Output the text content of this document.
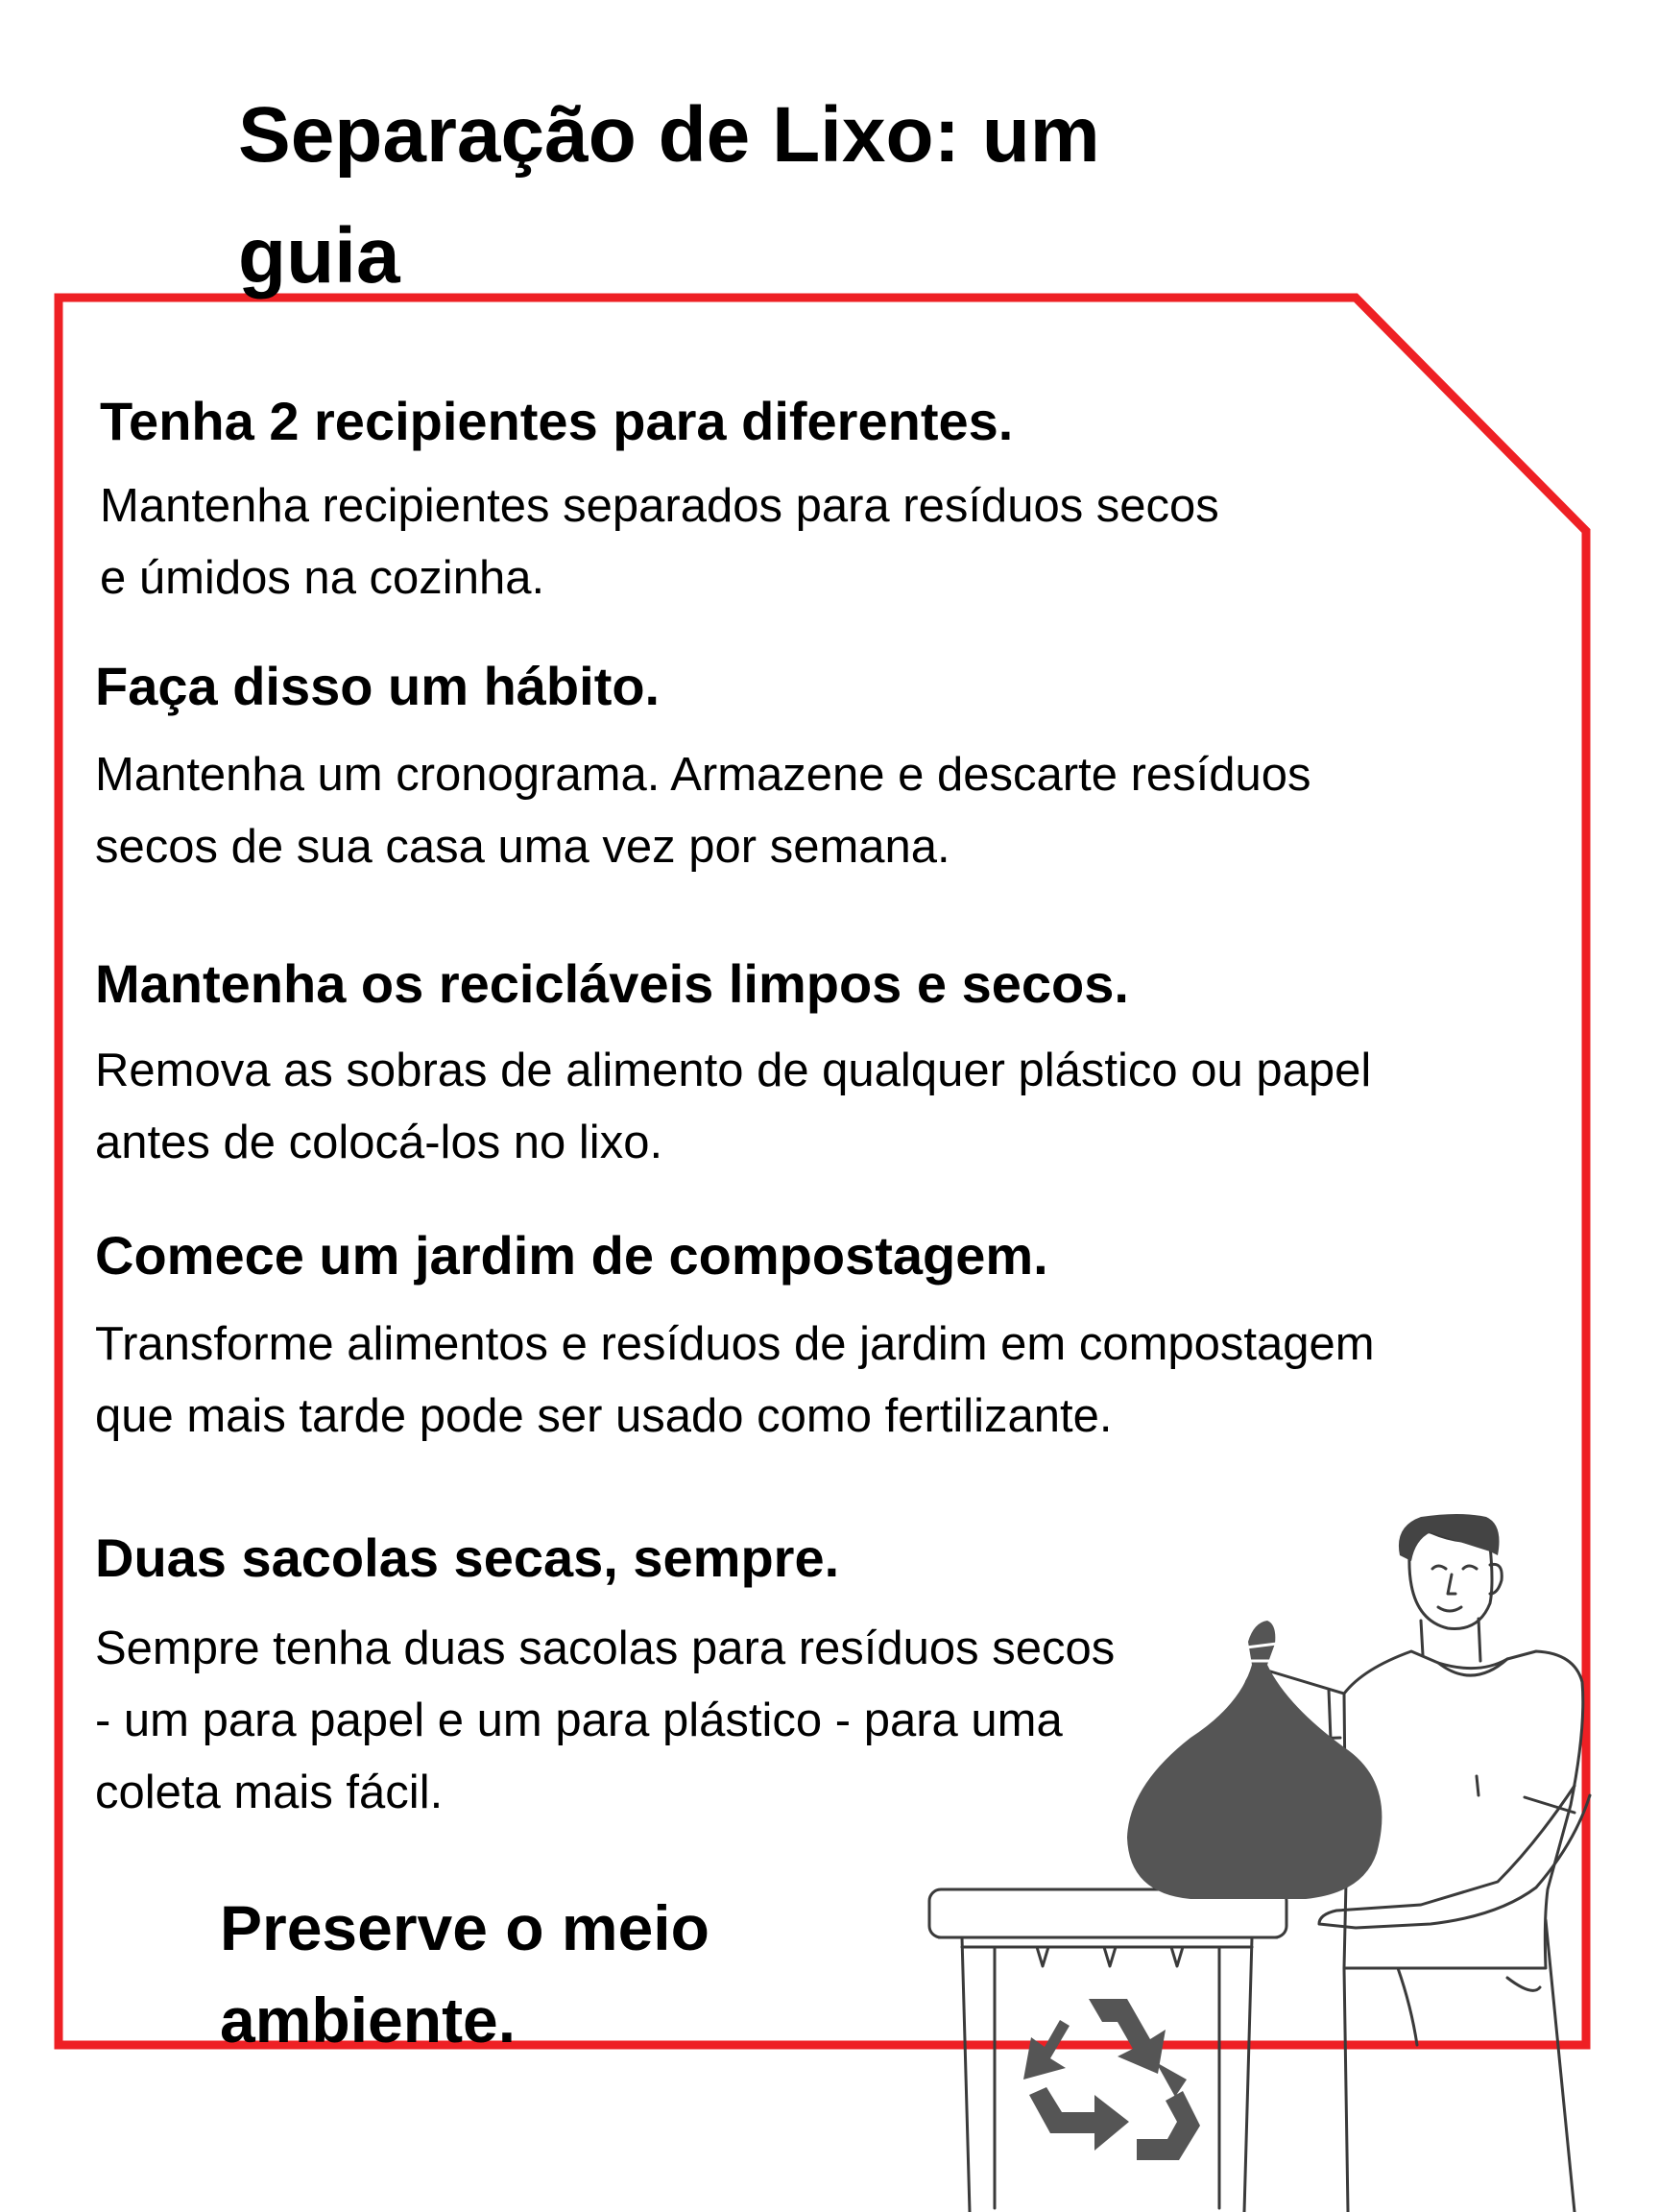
Separação de Lixo: um
guia
Tenha 2 recipientes para diferentes.

Mantenha recipientes separados para resíduos secos
e úmidos na cozinha.

Faça disso um hábito.

Mantenha um cronograma. Armazene e descarte resíduos
secos de sua casa uma vez por semana.

Mantenha os recicláveis limpos e secos.

Remova as sobras de alimento de qualquer plástico ou papel
antes de colocá-los no lixo.

Comece um jardim de compostagem.

Transforme alimentos e resíduos de jardim em compostagem
que mais tarde pode ser usado como fertilizante.

Duas sacolas secas, sempre.

Sempre tenha duas sacolas para resíduos secos
- um para papel e um para plástico - para uma
coleta mais fácil.

Preserve o meio
ambiente.
